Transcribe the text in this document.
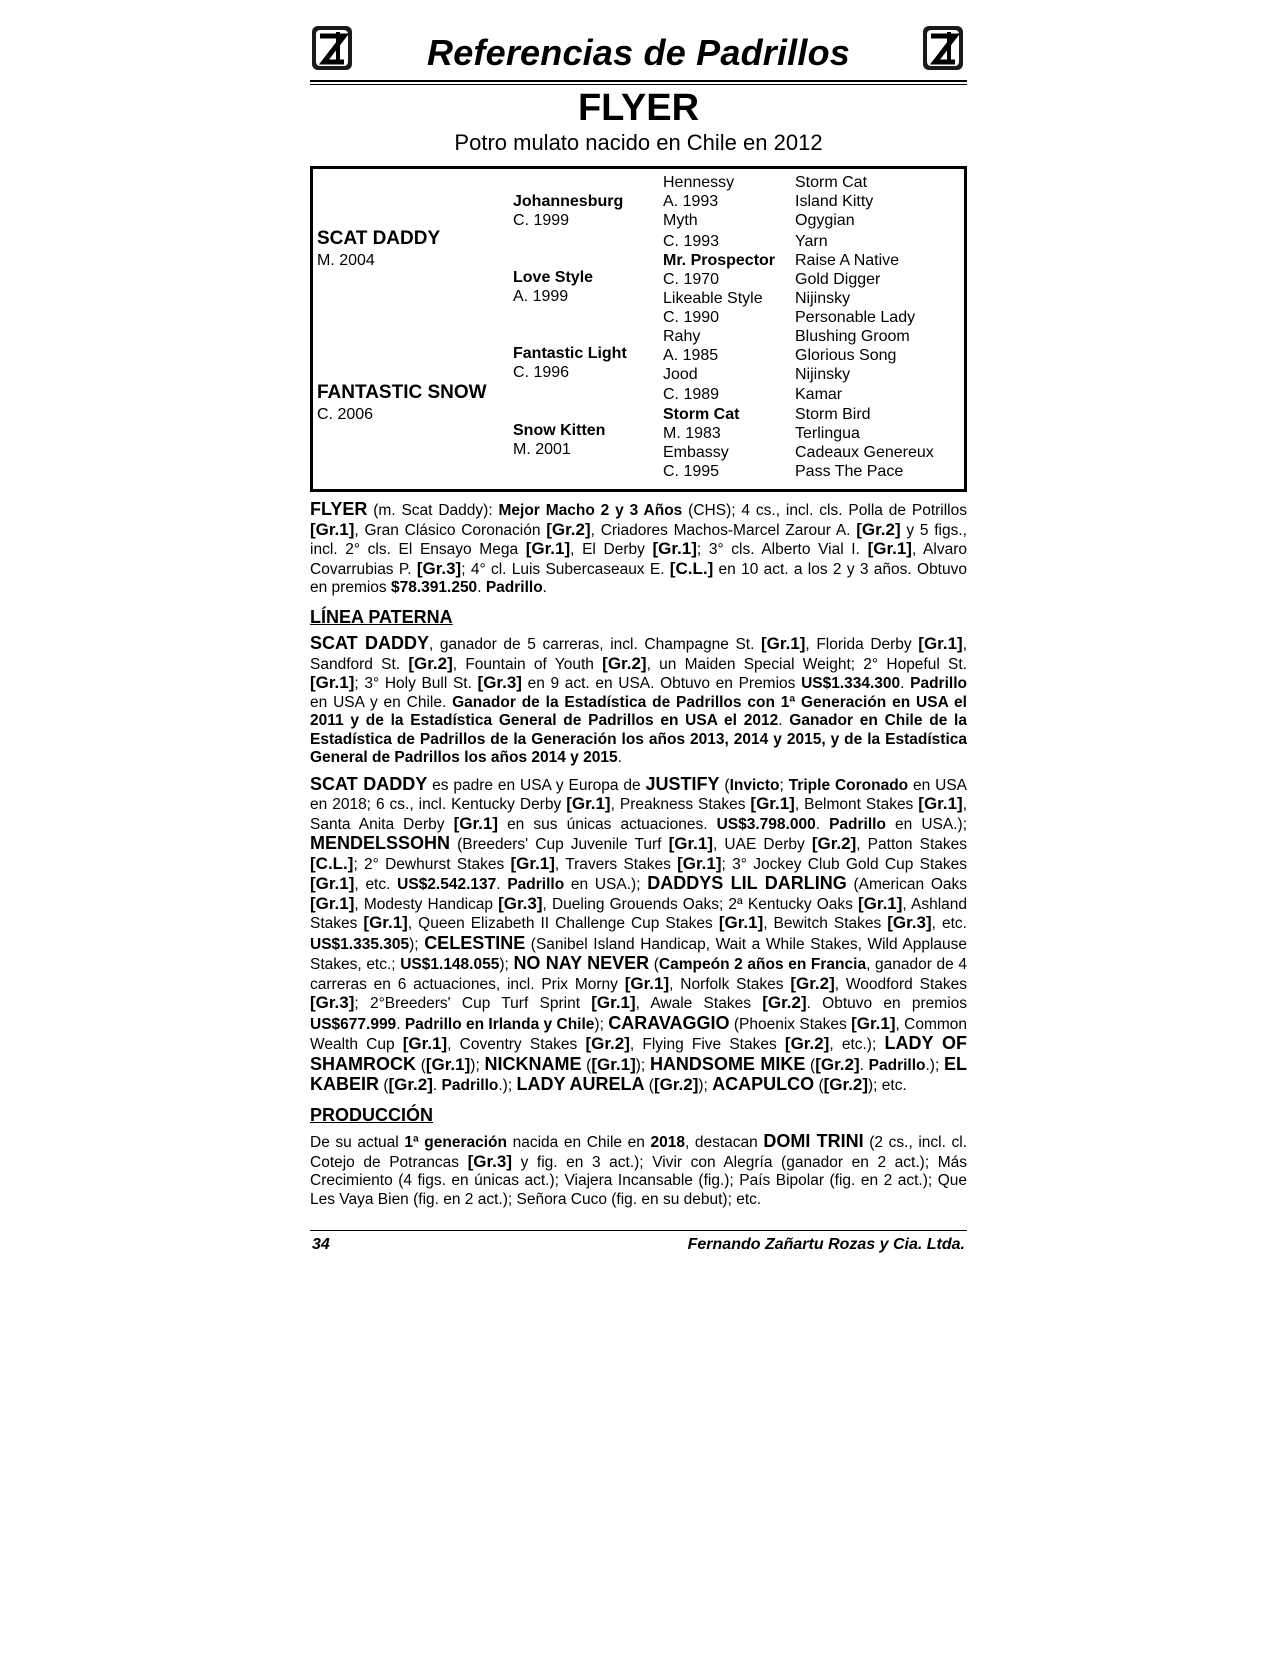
Referencias de Padrillos
FLYER
Potro mulato nacido en Chile en 2012
SCAT DADDY
M. 2004
FANTASTIC SNOW
C. 2006
Johannesburg
C. 1999
Love Style
A. 1999
Fantastic Light
C. 1996
Snow Kitten
M. 2001
Hennessy
A. 1993
Myth
C. 1993
Mr. Prospector
C. 1970
Likeable Style
C. 1990
Rahy
A. 1985
Jood
C. 1989
Storm Cat
M. 1983
Embassy
C. 1995
Storm Cat
Island Kitty
Ogygian
Yarn
Raise A Native
Gold Digger
Nijinsky
Personable Lady
Blushing Groom
Glorious Song
Nijinsky
Kamar
Storm Bird
Terlingua
Cadeaux Genereux
Pass The Pace

FLYER (m. Scat Daddy): Mejor Macho 2 y 3 Años (CHS); 4 cs., incl. cls. Polla de Potrillos [Gr.1], Gran Clásico Coronación [Gr.2], Criadores Machos-Marcel Zarour A. [Gr.2] y 5 figs., incl. 2° cls. El Ensayo Mega [Gr.1], El Derby [Gr.1]; 3° cls. Alberto Vial I. [Gr.1], Alvaro Covarrubias P. [Gr.3]; 4° cl. Luis Subercaseaux E. [C.L.] en 10 act. a los 2 y 3 años. Obtuvo en premios $78.391.250. Padrillo.

LÍNEA PATERNA

SCAT DADDY, ganador de 5 carreras, incl. Champagne St. [Gr.1], Florida Derby [Gr.1], Sandford St. [Gr.2], Fountain of Youth [Gr.2], un Maiden Special Weight; 2° Hopeful St. [Gr.1]; 3° Holy Bull St. [Gr.3] en 9 act. en USA. Obtuvo en Premios US$1.334.300. Padrillo en USA y en Chile. Ganador de la Estadística de Padrillos con 1ª Generación en USA el 2011 y de la Estadística General de Padrillos en USA el 2012. Ganador en Chile de la Estadística de Padrillos de la Generación los años 2013, 2014 y 2015, y de la Estadística General de Padrillos los años 2014 y 2015.

SCAT DADDY es padre en USA y Europa de JUSTIFY (Invicto; Triple Coronado en USA en 2018; 6 cs., incl. Kentucky Derby [Gr.1], Preakness Stakes [Gr.1], Belmont Stakes [Gr.1], Santa Anita Derby [Gr.1] en sus únicas actuaciones. US$3.798.000. Padrillo en USA.); MENDELSSOHN (Breeders' Cup Juvenile Turf [Gr.1], UAE Derby [Gr.2], Patton Stakes [C.L.]; 2° Dewhurst Stakes [Gr.1], Travers Stakes [Gr.1]; 3° Jockey Club Gold Cup Stakes [Gr.1], etc. US$2.542.137. Padrillo en USA.); DADDYS LIL DARLING (American Oaks [Gr.1], Modesty Handicap [Gr.3], Dueling Grouends Oaks; 2ª Kentucky Oaks [Gr.1], Ashland Stakes [Gr.1], Queen Elizabeth II Challenge Cup Stakes [Gr.1], Bewitch Stakes [Gr.3], etc. US$1.335.305); CELESTINE (Sanibel Island Handicap, Wait a While Stakes, Wild Applause Stakes, etc.; US$1.148.055); NO NAY NEVER (Campeón 2 años en Francia, ganador de 4 carreras en 6 actuaciones, incl. Prix Morny [Gr.1], Norfolk Stakes [Gr.2], Woodford Stakes [Gr.3]; 2°Breeders' Cup Turf Sprint [Gr.1], Awale Stakes [Gr.2]. Obtuvo en premios US$677.999. Padrillo en Irlanda y Chile); CARAVAGGIO (Phoenix Stakes [Gr.1], Common Wealth Cup [Gr.1], Coventry Stakes [Gr.2], Flying Five Stakes [Gr.2], etc.); LADY OF SHAMROCK ([Gr.1]); NICKNAME ([Gr.1]); HANDSOME MIKE ([Gr.2]. Padrillo.); EL KABEIR ([Gr.2]. Padrillo.); LADY AURELA ([Gr.2]); ACAPULCO ([Gr.2]); etc.

PRODUCCIÓN

De su actual 1ª generación nacida en Chile en 2018, destacan DOMI TRINI (2 cs., incl. cl. Cotejo de Potrancas [Gr.3] y fig. en 3 act.); Vivir con Alegría (ganador en 2 act.); Más Crecimiento (4 figs. en únicas act.); Viajera Incansable (fig.); País Bipolar (fig. en 2 act.); Que Les Vaya Bien (fig. en 2 act.); Señora Cuco (fig. en su debut); etc.

34	Fernando Zañartu Rozas y Cia. Ltda.
